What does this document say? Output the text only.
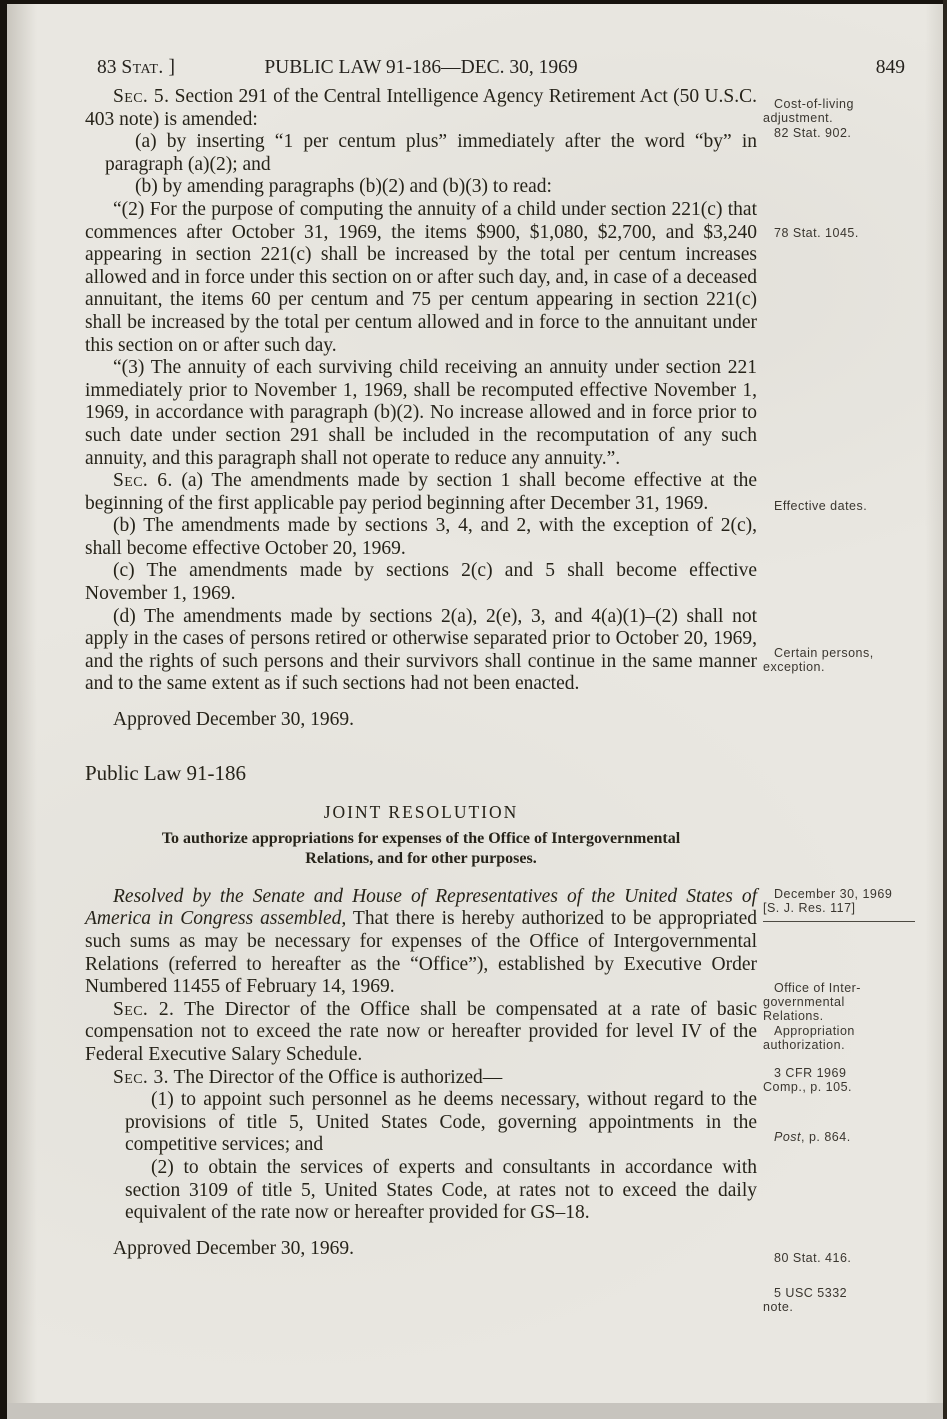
83 Stat. ]	PUBLIC LAW 91-186—DEC. 30, 1969	849
Sec. 5. Section 291 of the Central Intelligence Agency Retirement Act (50 U.S.C. 403 note) is amended:
(a) by inserting “1 per centum plus” immediately after the word “by” in paragraph (a)(2); and
(b) by amending paragraphs (b)(2) and (b)(3) to read:
“(2) For the purpose of computing the annuity of a child under section 221(c) that commences after October 31, 1969, the items $900, $1,080, $2,700, and $3,240 appearing in section 221(c) shall be increased by the total per centum increases allowed and in force under this section on or after such day, and, in case of a deceased annuitant, the items 60 per centum and 75 per centum appearing in section 221(c) shall be increased by the total per centum allowed and in force to the annuitant under this section on or after such day.
“(3) The annuity of each surviving child receiving an annuity under section 221 immediately prior to November 1, 1969, shall be recomputed effective November 1, 1969, in accordance with paragraph (b)(2). No increase allowed and in force prior to such date under section 291 shall be included in the recomputation of any such annuity, and this paragraph shall not operate to reduce any annuity.”.
Sec. 6. (a) The amendments made by section 1 shall become effective at the beginning of the first applicable pay period beginning after December 31, 1969.
(b) The amendments made by sections 3, 4, and 2, with the exception of 2(c), shall become effective October 20, 1969.
(c) The amendments made by sections 2(c) and 5 shall become effective November 1, 1969.
(d) The amendments made by sections 2(a), 2(e), 3, and 4(a)(1)–(2) shall not apply in the cases of persons retired or otherwise separated prior to October 20, 1969, and the rights of such persons and their survivors shall continue in the same manner and to the same extent as if such sections had not been enacted.
Approved December 30, 1969.
Public Law 91-186
JOINT RESOLUTION
To authorize appropriations for expenses of the Office of Intergovernmental
Relations, and for other purposes.
Resolved by the Senate and House of Representatives of the United States of America in Congress assembled, That there is hereby authorized to be appropriated such sums as may be necessary for expenses of the Office of Intergovernmental Relations (referred to hereafter as the “Office”), established by Executive Order Numbered 11455 of February 14, 1969.
Sec. 2. The Director of the Office shall be compensated at a rate of basic compensation not to exceed the rate now or hereafter provided for level IV of the Federal Executive Salary Schedule.
Sec. 3. The Director of the Office is authorized—
(1) to appoint such personnel as he deems necessary, without regard to the provisions of title 5, United States Code, governing appointments in the competitive services; and
(2) to obtain the services of experts and consultants in accordance with section 3109 of title 5, United States Code, at rates not to exceed the daily equivalent of the rate now or hereafter provided for GS–18.
Approved December 30, 1969.
Cost-of-living
adjustment.
82 Stat. 902.
78 Stat. 1045.
Effective dates.
Certain persons,
exception.
December 30, 1969
[S. J. Res. 117]
Office of Inter-
governmental
Relations.
Appropriation
authorization.
3 CFR 1969
Comp., p. 105.
Post, p. 864.
80 Stat. 416.
5 USC 5332
note.
